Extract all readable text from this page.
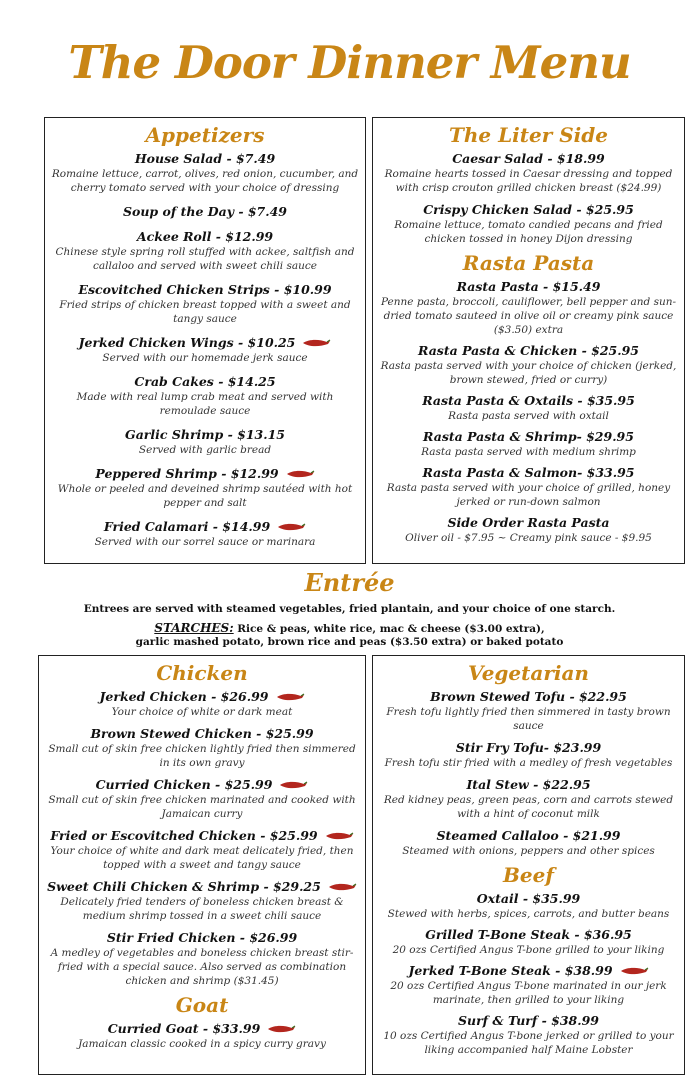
The Door Dinner Menu
Appetizers
House Salad - $7.49
Romaine lettuce, carrot, olives, red onion, cucumber, and cherry tomato served with your choice of dressing
Soup of the Day - $7.49
Ackee Roll - $12.99
Chinese style spring roll stuffed with ackee, saltfish and callaloo and served with sweet chili sauce
Escovitched Chicken Strips - $10.99
Fried strips of chicken breast topped with a sweet and tangy sauce
Jerked Chicken Wings - $10.25
Served with our homemade jerk sauce
Crab Cakes - $14.25
Made with real lump crab meat and served with remoulade sauce
Garlic Shrimp - $13.15
Served with garlic bread
Peppered Shrimp - $12.99
Whole or peeled and deveined shrimp sautéed with hot pepper and salt
Fried Calamari - $14.99
Served with our sorrel sauce or marinara
The Liter Side
Caesar Salad - $18.99
Romaine hearts tossed in Caesar dressing and topped with crisp crouton grilled chicken breast ($24.99)
Crispy Chicken Salad - $25.95
Romaine lettuce, tomato candied pecans and fried chicken tossed in honey Dijon dressing
Rasta Pasta
Rasta Pasta - $15.49
Penne pasta, broccoli, cauliflower, bell pepper and sun-dried tomato sauteed in olive oil or creamy pink sauce ($3.50) extra
Rasta Pasta & Chicken - $25.95
Rasta pasta served with your choice of chicken (jerked, brown stewed, fried or curry)
Rasta Pasta & Oxtails - $35.95
Rasta pasta served with oxtail
Rasta Pasta & Shrimp- $29.95
Rasta pasta served with medium shrimp
Rasta Pasta & Salmon- $33.95
Rasta pasta served with your choice of grilled, honey jerked or run-down salmon
Side Order Rasta Pasta
Oliver oil - $7.95 ~ Creamy pink sauce - $9.95
Entrée
Entrees are served with steamed vegetables, fried plantain, and your choice of one starch.
STARCHES: Rice & peas, white rice, mac & cheese ($3.00 extra),
garlic mashed potato, brown rice and peas ($3.50 extra) or baked potato
Chicken
Jerked Chicken - $26.99
Your choice of white or dark meat
Brown Stewed Chicken - $25.99
Small cut of skin free chicken lightly fried then simmered in its own gravy
Curried Chicken - $25.99
Small cut of skin free chicken marinated and cooked with Jamaican curry
Fried or Escovitched Chicken - $25.99
Your choice of white and dark meat delicately fried, then topped with a sweet and tangy sauce
Sweet Chili Chicken & Shrimp - $29.25
Delicately fried tenders of boneless chicken breast & medium shrimp tossed in a sweet chili sauce
Stir Fried Chicken - $26.99
A medley of vegetables and boneless chicken breast stir-fried with a special sauce. Also served as combination chicken and shrimp ($31.45)
Goat
Curried Goat - $33.99
Jamaican classic cooked in a spicy curry gravy
Vegetarian
Brown Stewed Tofu - $22.95
Fresh tofu lightly fried then simmered in tasty brown sauce
Stir Fry Tofu- $23.99
Fresh tofu stir fried with a medley of fresh vegetables
Ital Stew - $22.95
Red kidney peas, green peas, corn and carrots stewed with a hint of coconut milk
Steamed Callaloo - $21.99
Steamed with onions, peppers and other spices
Beef
Oxtail - $35.99
Stewed with herbs, spices, carrots, and butter beans
Grilled T-Bone Steak - $36.95
20 ozs Certified Angus T-bone grilled to your liking
Jerked T-Bone Steak - $38.99
20 ozs Certified Angus T-bone marinated in our jerk marinate, then grilled to your liking
Surf & Turf - $38.99
10 ozs Certified Angus T-bone jerked or grilled to your liking accompanied half Maine Lobster
